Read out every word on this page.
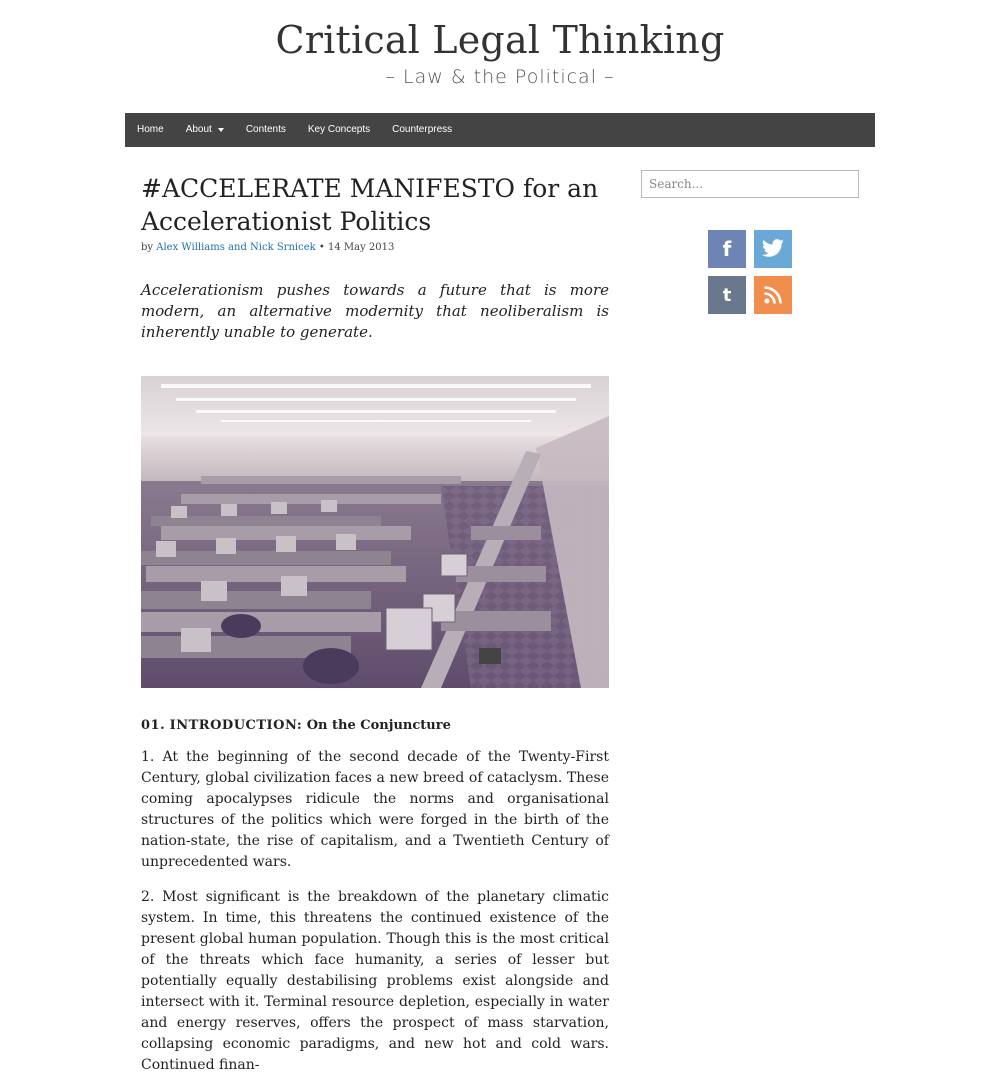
Critical Legal Thinking
– Law & the Political –
Home About	Contents Key Concepts Counterpress
#ACCELERATE MANIFESTO for an Accelerationist Politics
by Alex Williams and Nick Srnicek • 14 May 2013
Accelerationism pushes towards a future that is more modern, an alternative modernity that neoliberalism is inherently unable to generate.
01. INTRODUCTION: On the Conjuncture

1. At the beginning of the second decade of the Twenty-First Century, global civilization faces a new breed of cataclysm. These coming apocalypses ridicule the norms and organisational structures of the politics which were forged in the birth of the nation-state, the rise of capitalism, and a Twentieth Century of unprecedented wars.

2. Most significant is the breakdown of the planetary climatic system. In time, this threatens the continued existence of the present global human population. Though this is the most critical of the threats which face humanity, a series of lesser but potentially equally destabilising problems exist alongside and intersect with it. Terminal resource depletion, especially in water and energy reserves, offers the prospect of mass starvation, collapsing economic paradigms, and new hot and cold wars. Continued finan-

Search...
f
t
